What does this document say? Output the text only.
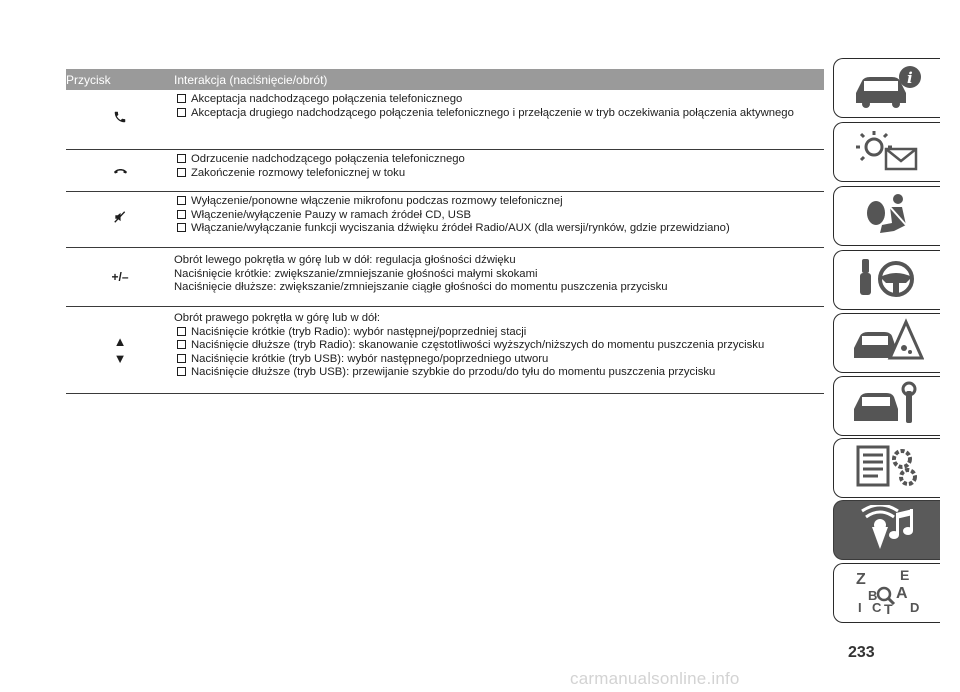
Przycisk	Interakcja (naciśnięcie/obrót)
Akceptacja nadchodzącego połączenia telefonicznego
Akceptacja drugiego nadchodzącego połączenia telefonicznego i przełączenie w tryb oczekiwania połączenia aktywnego
Odrzucenie nadchodzącego połączenia telefonicznego
Zakończenie rozmowy telefonicznej w toku
Wyłączenie/ponowne włączenie mikrofonu podczas rozmowy telefonicznej
Włączenie/wyłączenie Pauzy w ramach źródeł CD, USB
Włączanie/wyłączanie funkcji wyciszania dźwięku źródeł Radio/AUX (dla wersji/rynków, gdzie przewidziano)
+/–
Obrót lewego pokrętła w górę lub w dół: regulacja głośności dźwięku
Naciśnięcie krótkie: zwiększanie/zmniejszanie głośności małymi skokami
Naciśnięcie dłuższe: zwiększanie/zmniejszanie ciągłe głośności do momentu puszczenia przycisku
▲
▼
Obrót prawego pokrętła w górę lub w dół:
Naciśnięcie krótkie (tryb Radio): wybór następnej/poprzedniej stacji
Naciśnięcie dłuższe (tryb Radio): skanowanie częstotliwości wyższych/niższych do momentu puszczenia przycisku
Naciśnięcie krótkie (tryb USB): wybór następnego/poprzedniego utworu
Naciśnięcie dłuższe (tryb USB): przewijanie szybkie do przodu/do tyłu do momentu puszczenia przycisku
i
Z E
A
B
I C T D
233
carmanualsonline.info
